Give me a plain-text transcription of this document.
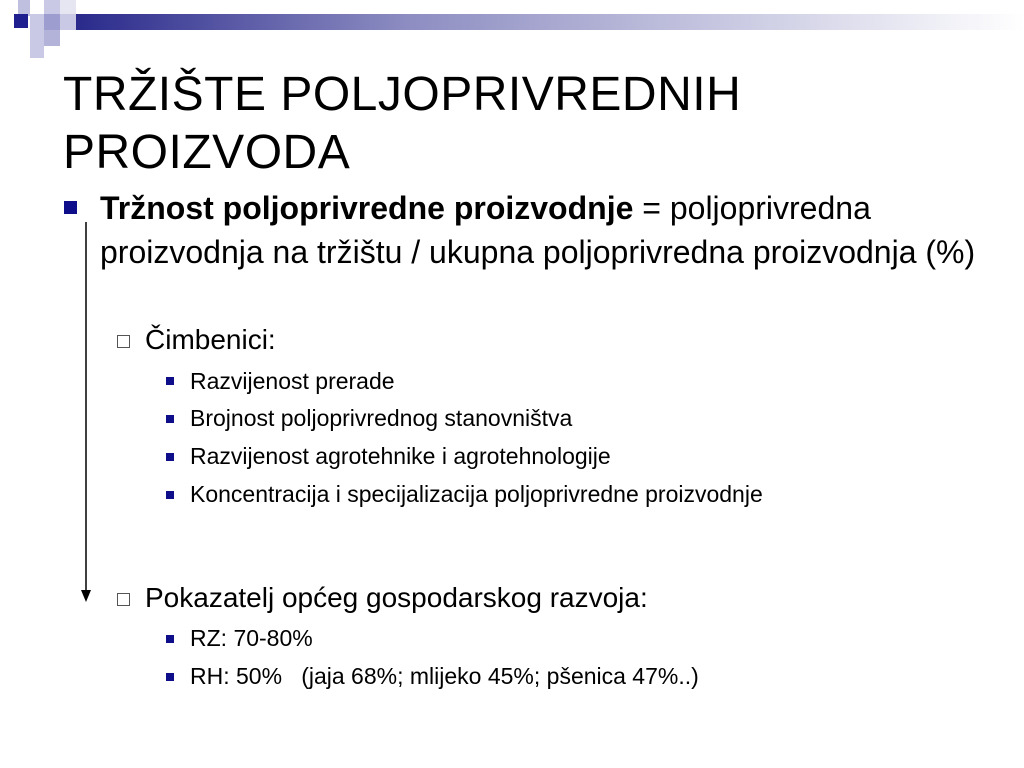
TRŽIŠTE POLJOPRIVREDNIH PROIZVODA
Tržnost poljoprivredne proizvodnje = poljoprivredna proizvodnja na tržištu / ukupna poljoprivredna proizvodnja (%)
Čimbenici:
Razvijenost prerade
Brojnost poljoprivrednog stanovništva
Razvijenost agrotehnike i agrotehnologije
Koncentracija i specijalizacija poljoprivredne proizvodnje
Pokazatelj općeg gospodarskog razvoja:
RZ: 70-80%
RH: 50%   (jaja 68%; mlijeko 45%; pšenica 47%..)
